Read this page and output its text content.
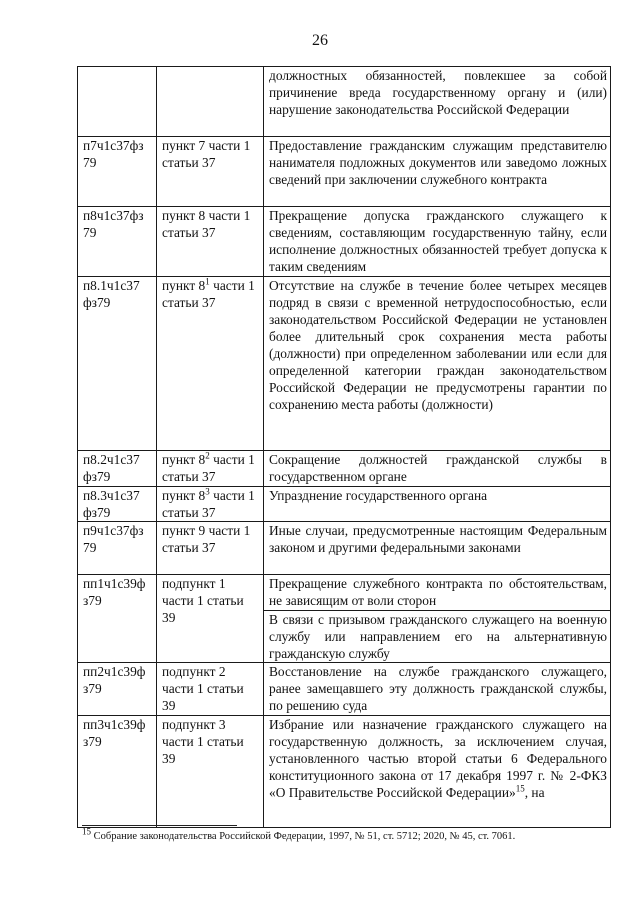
26

		должностных обязанностей, повлекшее за собой причинение вреда государственному органу и (или) нарушение законодательства Российской Федерации

п7ч1с37фз 79	пункт 7 части 1 статьи 37	Предоставление гражданским служащим представителю нанимателя подложных документов или заведомо ложных сведений при заключении служебного контракта

п8ч1с37фз 79	пункт 8 части 1 статьи 37	Прекращение допуска гражданского служащего к сведениям, составляющим государственную тайну, если исполнение должностных обязанностей требует допуска к таким сведениям

п8.1ч1с37 фз79	пункт $8^1$ части 1 статьи 37	Отсутствие на службе в течение более четырех месяцев подряд в связи с временной нетрудоспособностью, если законодательством Российской Федерации не установлен более длительный срок сохранения места работы (должности) при определенном заболевании или если для определенной категории граждан законодательством Российской Федерации не предусмотрены гарантии по сохранению места работы (должности)

п8.2ч1с37 фз79	пункт $8^2$ части 1 статьи 37	Сокращение должностей гражданской службы в государственном органе

п8.3ч1с37 фз79	пункт $8^3$ части 1 статьи 37	Упразднение государственного органа

п9ч1с37фз 79	пункт 9 части 1 статьи 37	Иные случаи, предусмотренные настоящим Федеральным законом и другими федеральными законами

пп1ч1с39ф з79	подпункт 1 части 1 статьи 39	Прекращение служебного контракта по обстоятельствам, не зависящим от воли сторон

		В связи с призывом гражданского служащего на военную службу или направлением его на альтернативную гражданскую службу

пп2ч1с39ф з79	подпункт 2 части 1 статьи 39	Восстановление на службе гражданского служащего, ранее замещавшего эту должность гражданской службы, по решению суда

пп3ч1с39ф з79	подпункт 3 части 1 статьи 39	Избрание или назначение гражданского служащего на государственную должность, за исключением случая, установленного частью второй статьи 6 Федерального конституционного закона от 17 декабря 1997 г. № 2-ФКЗ «О Правительстве Российской Федерации»$^{15}$, на
$^{15}$ Собрание законодательства Российской Федерации, 1997, № 51, ст. 5712; 2020, № 45, ст. 7061.
